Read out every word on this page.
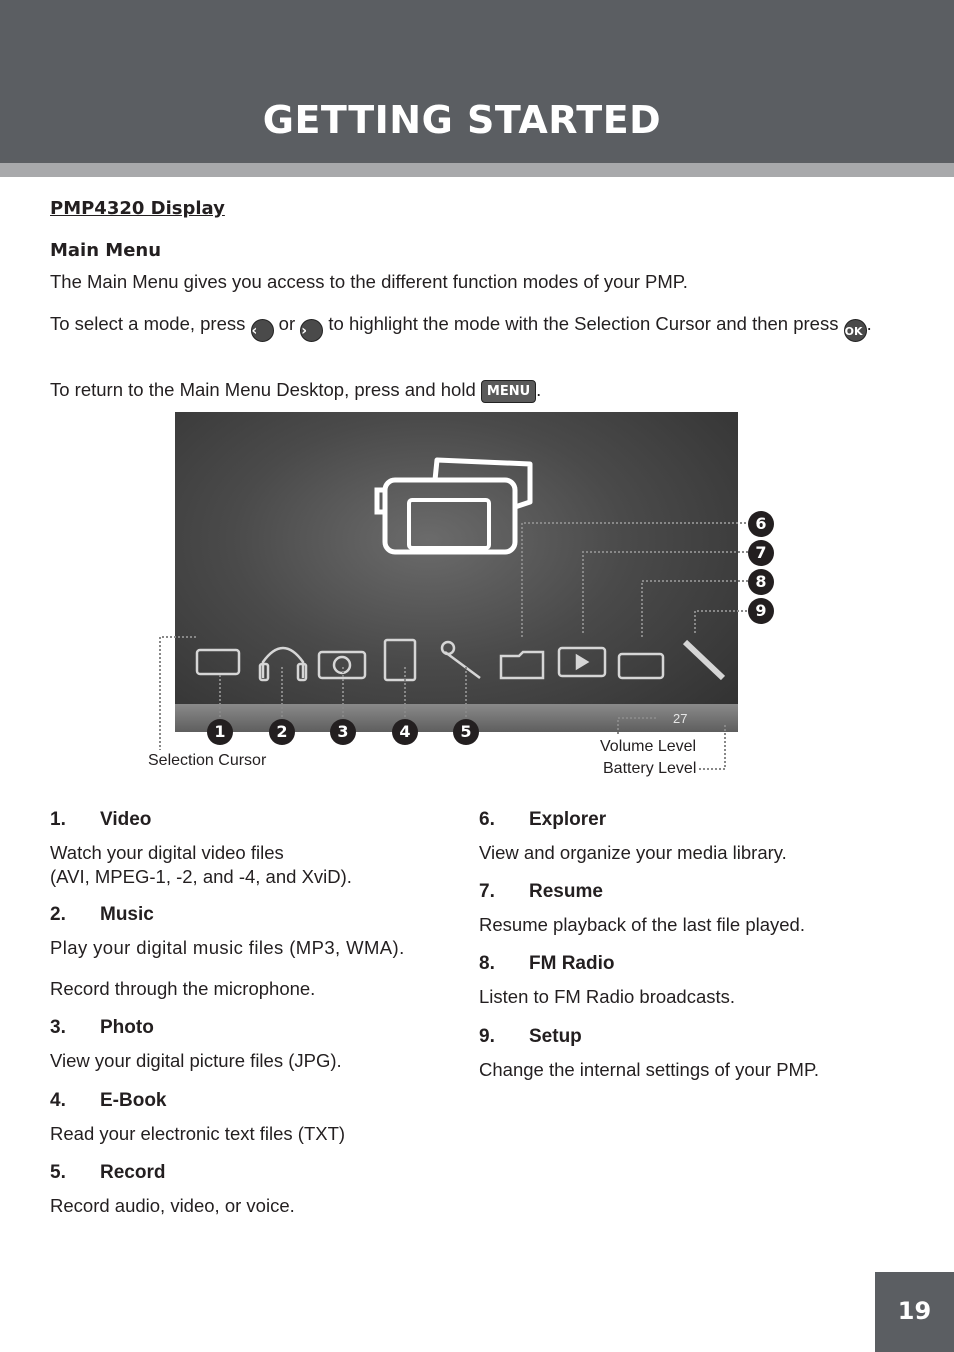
GETTING STARTED
PMP4320 Display
Main Menu
The Main Menu gives you access to the different function modes of your PMP.
To select a mode, press ‹ or › to highlight the mode with the Selection Cursor and then press OK .
To return to the Main Menu Desktop, press and hold MENU .
27
1	2	3	4	5
6
7
8
9
Selection Cursor
Volume Level
Battery Level
1. Video
Watch your digital video files
(AVI, MPEG-1, -2, and -4, and XviD).
2. Music
Play your digital music files (MP3, WMA).
Record through the microphone.
3. Photo
View your digital picture files (JPG).
4. E-Book
Read your electronic text files (TXT)
5. Record
Record audio, video, or voice.
6. Explorer
View and organize your media library.
7. Resume
Resume playback of the last file played.
8. FM Radio
Listen to FM Radio broadcasts.
9. Setup
Change the internal settings of your PMP.
19
